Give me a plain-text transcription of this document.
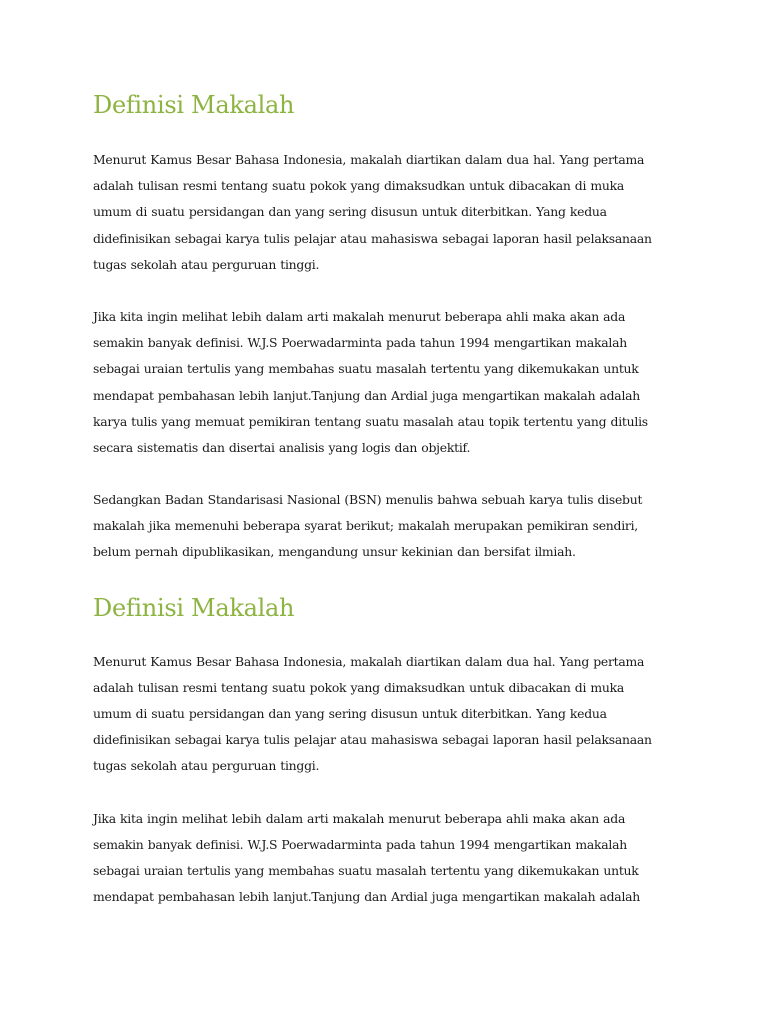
Definisi Makalah

Menurut Kamus Besar Bahasa Indonesia, makalah diartikan dalam dua hal. Yang pertama
adalah tulisan resmi tentang suatu pokok yang dimaksudkan untuk dibacakan di muka
umum di suatu persidangan dan yang sering disusun untuk diterbitkan. Yang kedua
didefinisikan sebagai karya tulis pelajar atau mahasiswa sebagai laporan hasil pelaksanaan
tugas sekolah atau perguruan tinggi.

Jika kita ingin melihat lebih dalam arti makalah menurut beberapa ahli maka akan ada
semakin banyak definisi. W.J.S Poerwadarminta pada tahun 1994 mengartikan makalah
sebagai uraian tertulis yang membahas suatu masalah tertentu yang dikemukakan untuk
mendapat pembahasan lebih lanjut.Tanjung dan Ardial juga mengartikan makalah adalah
karya tulis yang memuat pemikiran tentang suatu masalah atau topik tertentu yang ditulis
secara sistematis dan disertai analisis yang logis dan objektif.

Sedangkan Badan Standarisasi Nasional (BSN) menulis bahwa sebuah karya tulis disebut
makalah jika memenuhi beberapa syarat berikut; makalah merupakan pemikiran sendiri,
belum pernah dipublikasikan, mengandung unsur kekinian dan bersifat ilmiah.

Definisi Makalah

Menurut Kamus Besar Bahasa Indonesia, makalah diartikan dalam dua hal. Yang pertama
adalah tulisan resmi tentang suatu pokok yang dimaksudkan untuk dibacakan di muka
umum di suatu persidangan dan yang sering disusun untuk diterbitkan. Yang kedua
didefinisikan sebagai karya tulis pelajar atau mahasiswa sebagai laporan hasil pelaksanaan
tugas sekolah atau perguruan tinggi.

Jika kita ingin melihat lebih dalam arti makalah menurut beberapa ahli maka akan ada
semakin banyak definisi. W.J.S Poerwadarminta pada tahun 1994 mengartikan makalah
sebagai uraian tertulis yang membahas suatu masalah tertentu yang dikemukakan untuk
mendapat pembahasan lebih lanjut.Tanjung dan Ardial juga mengartikan makalah adalah
